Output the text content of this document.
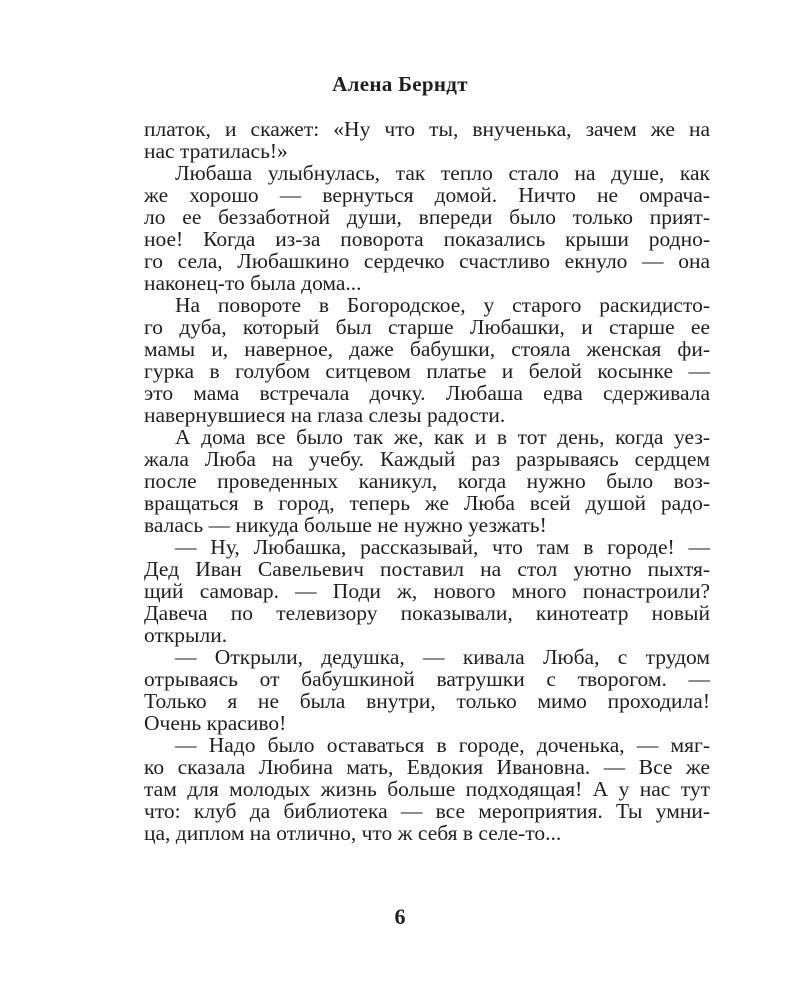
Алена Берндт
платок, и скажет: «Ну что ты, внученька, зачем же на
нас тратилась!»
Любаша улыбнулась, так тепло стало на душе, как
же хорошо — вернуться домой. Ничто не омрача-
ло ее беззаботной души, впереди было только прият-
ное! Когда из-за поворота показались крыши родно-
го села, Любашкино сердечко счастливо екнуло — она
наконец-то была дома...
На повороте в Богородское, у старого раскидисто-
го дуба, который был старше Любашки, и старше ее
мамы и, наверное, даже бабушки, стояла женская фи-
гурка в голубом ситцевом платье и белой косынке —
это мама встречала дочку. Любаша едва сдерживала
навернувшиеся на глаза слезы радости.
А дома все было так же, как и в тот день, когда уез-
жала Люба на учебу. Каждый раз разрываясь сердцем
после проведенных каникул, когда нужно было воз-
вращаться в город, теперь же Люба всей душой радо-
валась — никуда больше не нужно уезжать!
— Ну, Любашка, рассказывай, что там в городе! —
Дед Иван Савельевич поставил на стол уютно пыхтя-
щий самовар. — Поди ж, нового много понастроили?
Давеча по телевизору показывали, кинотеатр новый
открыли.
— Открыли, дедушка, — кивала Люба, с трудом
отрываясь от бабушкиной ватрушки с творогом. —
Только я не была внутри, только мимо проходила!
Очень красиво!
— Надо было оставаться в городе, доченька, — мяг-
ко сказала Любина мать, Евдокия Ивановна. — Все же
там для молодых жизнь больше подходящая! А у нас тут
что: клуб да библиотека — все мероприятия. Ты умни-
ца, диплом на отлично, что ж себя в селе-то...
6
